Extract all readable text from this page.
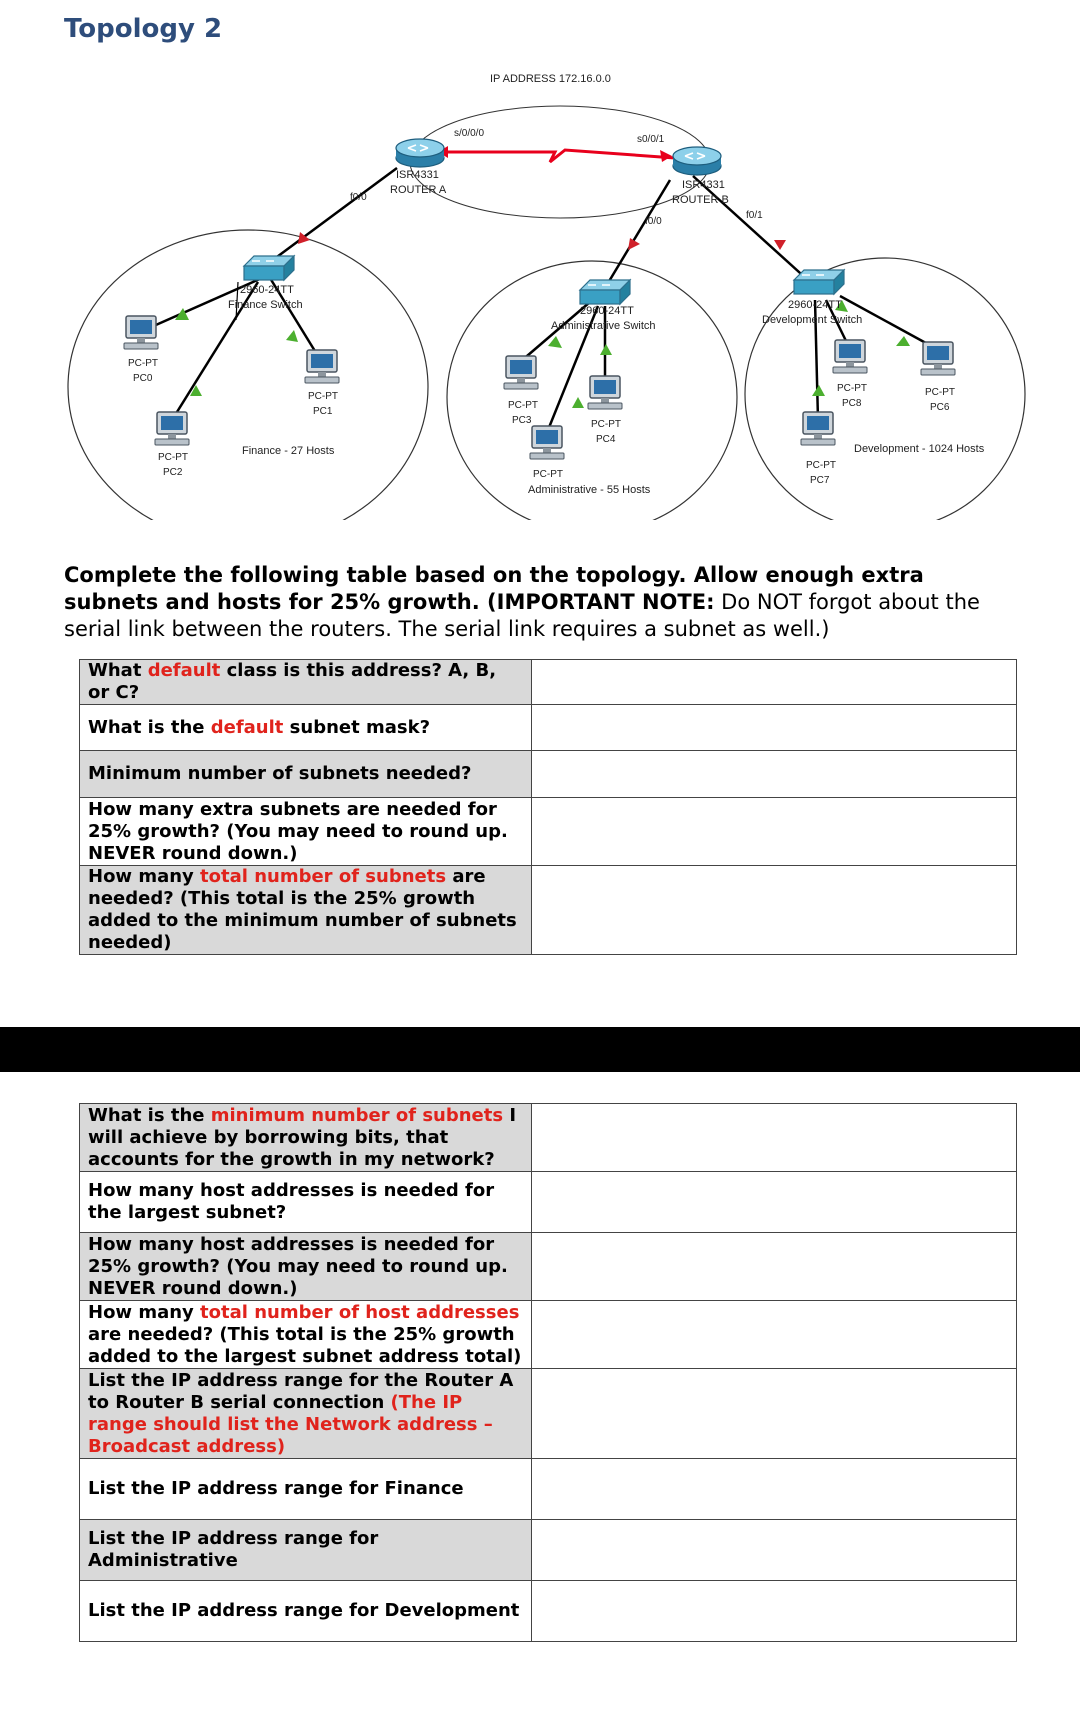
Topology 2
IP ADDRESS 172.16.0.0
s/0/0/0
ISR4331
ROUTER A
f0/0
s0/0/1
ISR4331
ROUTER B
f0/0
f0/1
2960-24TT
Finance Switch	2960-24TT
Administrative Switch
2960-24TT
Development Switch
PC-PT
PC0
PC-PT
PC1
PC-PT
PC2
Finance - 27 Hosts
PC-PT
PC3	PC-PT
PC4
PC-PT
Administrative - 55 Hosts
PC-PT
PC8
PC-PT
PC6
PC-PT
PC7
Development - 1024 Hosts
Complete the following table based on the topology. Allow enough extra subnets and hosts for 25% growth. (IMPORTANT NOTE: Do NOT forgot about the serial link between the routers. The serial link requires a subnet as well.)
What default class is this address? A, B, or C?	
What is the default subnet mask?	
Minimum number of subnets needed?	
How many extra subnets are needed for 25% growth? (You may need to round up. NEVER round down.)	
How many total number of subnets are needed? (This total is the 25% growth added to the minimum number of subnets needed)	
What is the minimum number of subnets I will achieve by borrowing bits, that accounts for the growth in my network?	
How many host addresses is needed for the largest subnet?	
How many host addresses is needed for 25% growth? (You may need to round up. NEVER round down.)	
How many total number of host addresses are needed? (This total is the 25% growth added to the largest subnet address total)	
List the IP address range for the Router A to Router B serial connection (The IP range should list the Network address – Broadcast address)	
List the IP address range for Finance	
List the IP address range for Administrative	
List the IP address range for Development	
